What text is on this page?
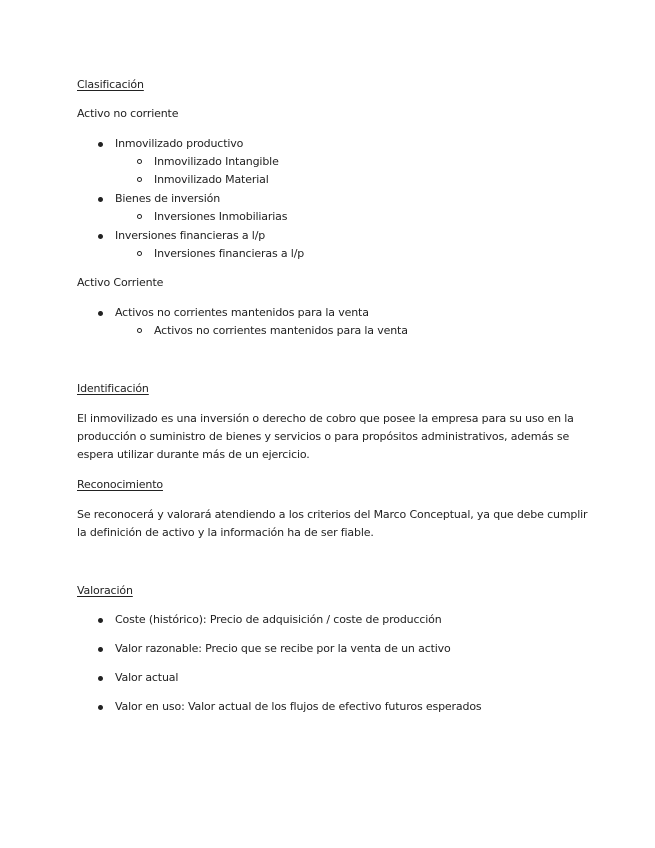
Clasificación
Activo no corriente
Inmovilizado productivo
Inmovilizado Intangible
Inmovilizado Material
Bienes de inversión
Inversiones Inmobiliarias
Inversiones financieras a l/p
Inversiones financieras a l/p
Activo Corriente
Activos no corrientes mantenidos para la venta
Activos no corrientes mantenidos para la venta
Identificación
El inmovilizado es una inversión o derecho de cobro que posee la empresa para su uso en la
producción o suministro de bienes y servicios o para propósitos administrativos, además se
espera utilizar durante más de un ejercicio.
Reconocimiento
Se reconocerá y valorará atendiendo a los criterios del Marco Conceptual, ya que debe cumplir
la definición de activo y la información ha de ser fiable.
Valoración
Coste (histórico): Precio de adquisición / coste de producción
Valor razonable: Precio que se recibe por la venta de un activo
Valor actual
Valor en uso: Valor actual de los flujos de efectivo futuros esperados
